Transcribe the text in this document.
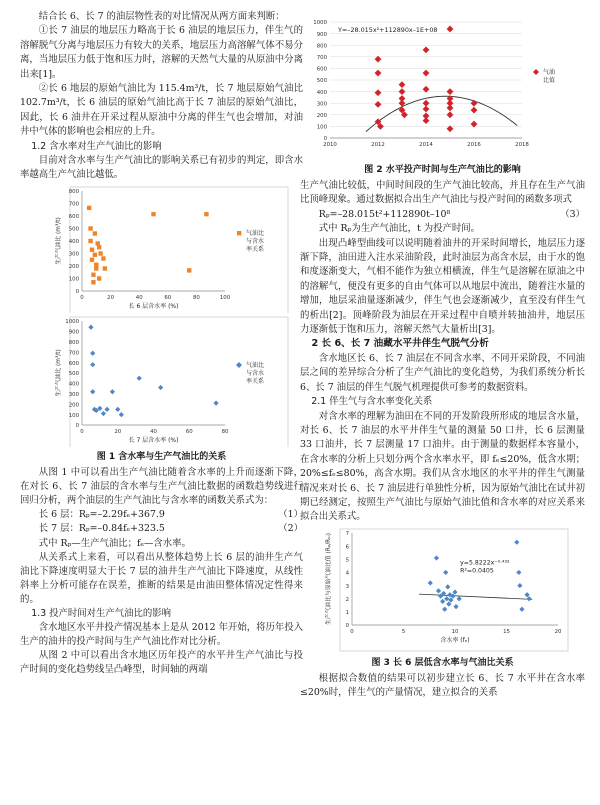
结合长 6、长 7 的油层物性表的对比情况从两方面来判断：

①长 7 油层的地层压力略高于长 6 油层的地层压力，伴生气的溶解脱气分离与地层压力有较大的关系，地层压力高溶解气体不易分离，当地层压力低于饱和压力时，溶解的天然气大量的从原油中分离出来[1]。

②长 6 地层的原始气油比为 115.4m³/t，长 7 地层原始气油比 102.7m³/t，长 6 油层的原始气油比高于长 7 油层的原始气油比，因此，长 6 油井在开采过程从原油中分离的伴生气也会增加，对油井中气体的影响也会相应的上升。

1.2 含水率对生产气油比的影响

目前对含水率与生产气油比的影响关系已有初步的判定，即含水率越高生产气油比越低。

0
100
200
300
400
500
600
700
800
0	20	40	60	80	100
长 6 层含水率 (%)
生产气油比 (m³/t)	气油比
与含水
率关系
0
100
200
300
400
500
600
700
800
900
1000
0	20	40	60	80
长 7 层含水率 (%)
生产气油比 (m³/t)	气油比
与含水
率关系
图 1 含水率与生产气油比的关系

从图 1 中可以看出生产气油比随着含水率的上升而逐渐下降，在对长 6、长 7 油层的含水率与生产气油比数据的函数趋势线进行回归分析，两个油层的生产气油比与含水率的函数关系式为：

长 6 层：Rₚ=–2.29fₑ+367.9	（1）
长 7 层：Rₚ=–0.84fₑ+323.5	（2）

式中 Rₚ—生产气油比；fₑ—含水率。

从关系式上来看，可以看出从整体趋势上长 6 层的油井生产气油比下降速度明显大于长 7 层的油井生产气油比下降速度，从线性斜率上分析可能存在误差，推断的结果是由油田整体情况定性得来的。

1.3 投产时间对生产气油比的影响

含水地区水平井投产情况基本上是从 2012 年开始，将历年投入生产的油井的投产时间与生产气油比作对比分析。

从图 2 中可以看出含水地区历年投产的水平井生产气油比与投产时间的变化趋势线呈凸峰型，时间轴的两端

0
100
200
300
400
500
600
700
800
900
1000
2010	2012	2014	2016	2018
气油
比值
Y=–28.015x²+112890x–1E+08
图 2 水平投产时间与生产气油比的影响

生产气油比较低，中间时间段的生产气油比较高，并且存在生产气油比顶峰现象。通过数据拟合出生产气油比与投产时间的函数多项式

Rₚ=–28.015t²+112890t–10⁸	（3）

式中 Rₚ为生产气油比，t 为投产时间。

出现凸峰型曲线可以说明随着油井的开采时间增长，地层压力逐渐下降，油田进入注水采油阶段，此时油层为高含水层，由于水的饱和度逐渐变大，气相不能作为独立相横流，伴生气是溶解在原油之中的溶解气，便没有更多的自由气体可以从地层中流出，随着注水量的增加，地层采油量逐渐减少，伴生气也会逐渐减少，直至没有伴生气的析出[2]。顶峰阶段为油层在开采过程中自喷并转抽油井，地层压力逐渐低于饱和压力，溶解天然气大量析出[3]。

2 长 6、长 7 油藏水平井伴生气脱气分析

含水地区长 6、长 7 油层在不同含水率、不同开采阶段，不同油层之间的差异综合分析了生产气油比的变化趋势，为我们系统分析长 6、长 7 油层的伴生气脱气机理提供可参考的数据资料。

2.1 伴生气与含水率变化关系

对含水率的理解为油田在不同的开发阶段所形成的地层含水量，对长 6、长 7 油层的水平井伴生气量的测量 50 口井，长 6 层测量 33 口油井，长 7 层测量 17 口油井。由于测量的数据样本容量小，在含水率的分析上只划分两个含水率水平，即 fₑ≤20%，低含水期；20%≤fₑ≤80%，高含水期。我们从含水地区的水平井的伴生气测量情况来对长 6、长 7 油层进行单独性分析，因为原始气油比在试井初期已经测定，按照生产气油比与原始气油比值和含水率的对应关系来拟合出关系式。

0
1
2
3
4
5
6
7
0	5	10	15	20
含水率 (fₑ)
生产气油比与原始气油比值 (Rₚ/Rₚᵢ)	y=5.8222x⁻⁰·⁴³²
R²=0.0405
图 3 长 6 层低含水率与气油比关系

根据拟合数值的结果可以初步建立长 6、长 7 水平井在含水率≤20%时，伴生气的产量情况，建立拟合的关系
